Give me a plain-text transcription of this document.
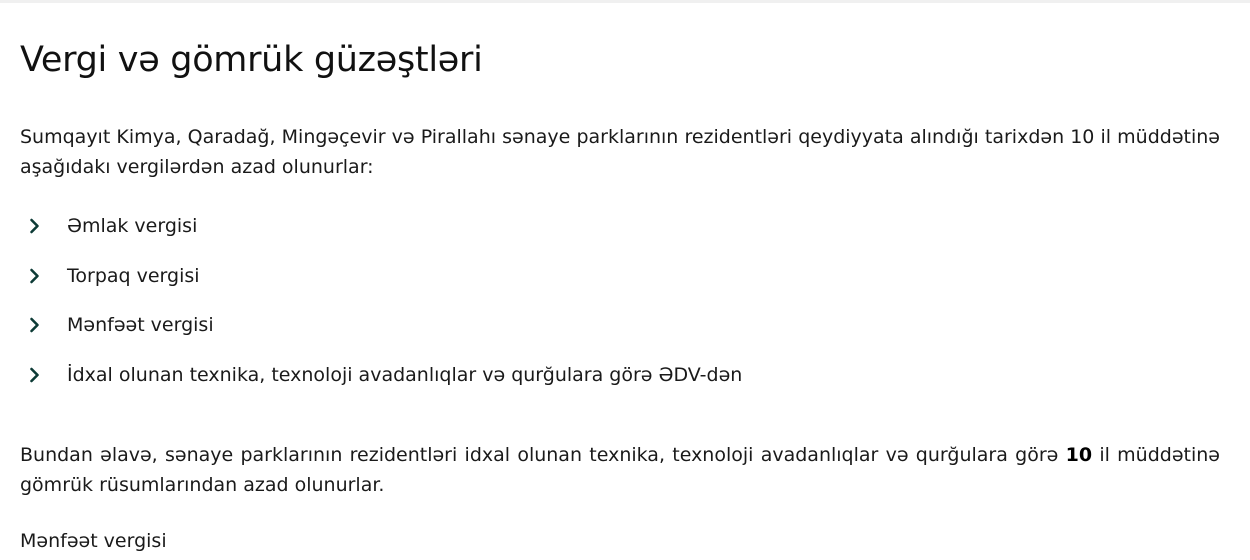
Vergi və gömrük güzəştləri

Sumqayıt Kimya, Qaradağ, Mingəçevir və Pirallahı sənaye parklarının rezidentləri qeydiyyata alındığı tarixdən 10 il müddətinə aşağıdakı vergilərdən azad olunurlar:

Əmlak vergisi
Torpaq vergisi
Mənfəət vergisi
İdxal olunan texnika, texnoloji avadanlıqlar və qurğulara görə ƏDV-dən

Bundan əlavə, sənaye parklarının rezidentləri idxal olunan texnika, texnoloji avadanlıqlar və qurğulara görə 10 il müddətinə gömrük rüsumlarından azad olunurlar.

Mənfəət vergisi
